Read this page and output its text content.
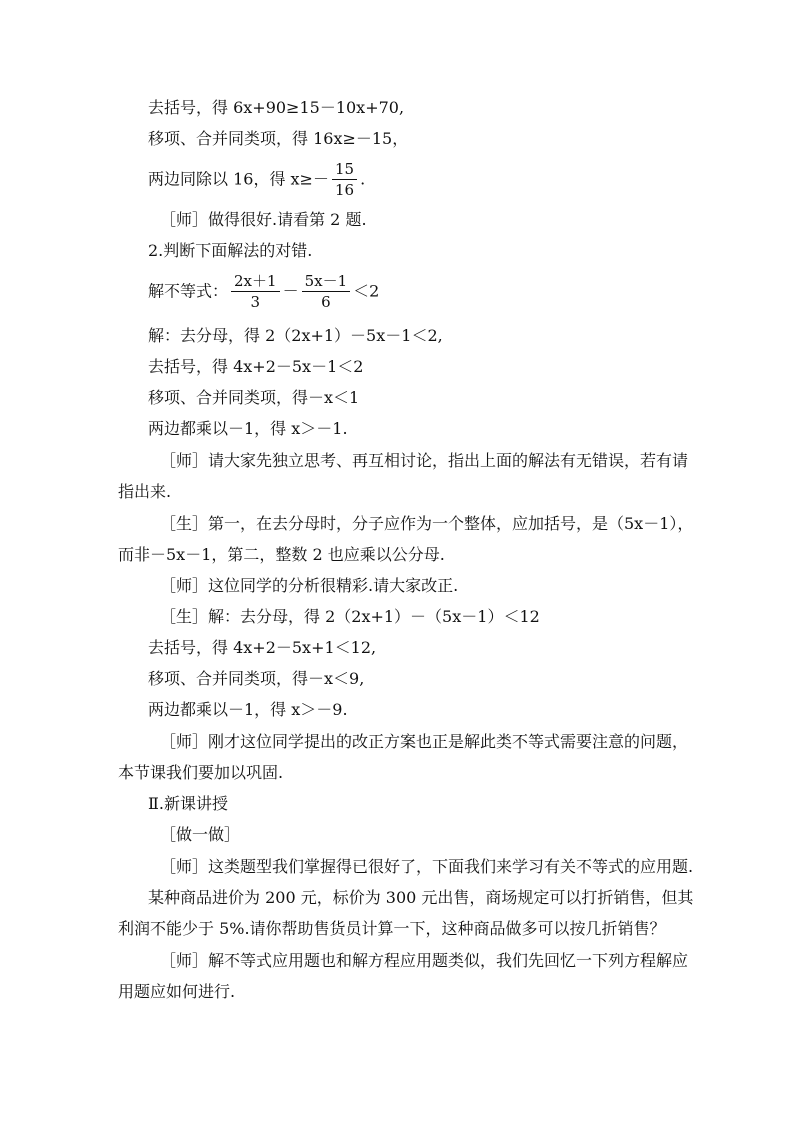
去括号，得 6x+90≥15－10x+70,
移项、合并同类项，得 16x≥－15，
两边同除以 16，得 $x\ge- \frac{15}{16}$ .
［师］做得很好.请看第 2 题.
2.判断下面解法的对错.
解不等式： $\frac{2x+1}{3} - \frac{5x-1}{6} <2$
解：去分母，得 2（2x+1）－5x－1＜2,
去括号，得 4x+2－5x－1＜2
移项、合并同类项，得－x＜1
两边都乘以－1，得 x＞－1.
［师］请大家先独立思考、再互相讨论，指出上面的解法有无错误，若有请
指出来.
［生］第一，在去分母时，分子应作为一个整体，应加括号，是（5x－1），
而非－5x－1，第二，整数 2 也应乘以公分母.
［师］这位同学的分析很精彩.请大家改正.
［生］解：去分母，得 2（2x+1）－（5x－1）＜12
去括号，得 4x+2－5x+1＜12,
移项、合并同类项，得－x＜9,
两边都乘以－1，得 x＞－9.
［师］刚才这位同学提出的改正方案也正是解此类不等式需要注意的问题，
本节课我们要加以巩固.
Ⅱ.新课讲授
［做一做］
［师］这类题型我们掌握得已很好了，下面我们来学习有关不等式的应用题.
某种商品进价为 200 元，标价为 300 元出售，商场规定可以打折销售，但其
利润不能少于 5%.请你帮助售货员计算一下，这种商品做多可以按几折销售？
［师］解不等式应用题也和解方程应用题类似，我们先回忆一下列方程解应
用题应如何进行.
